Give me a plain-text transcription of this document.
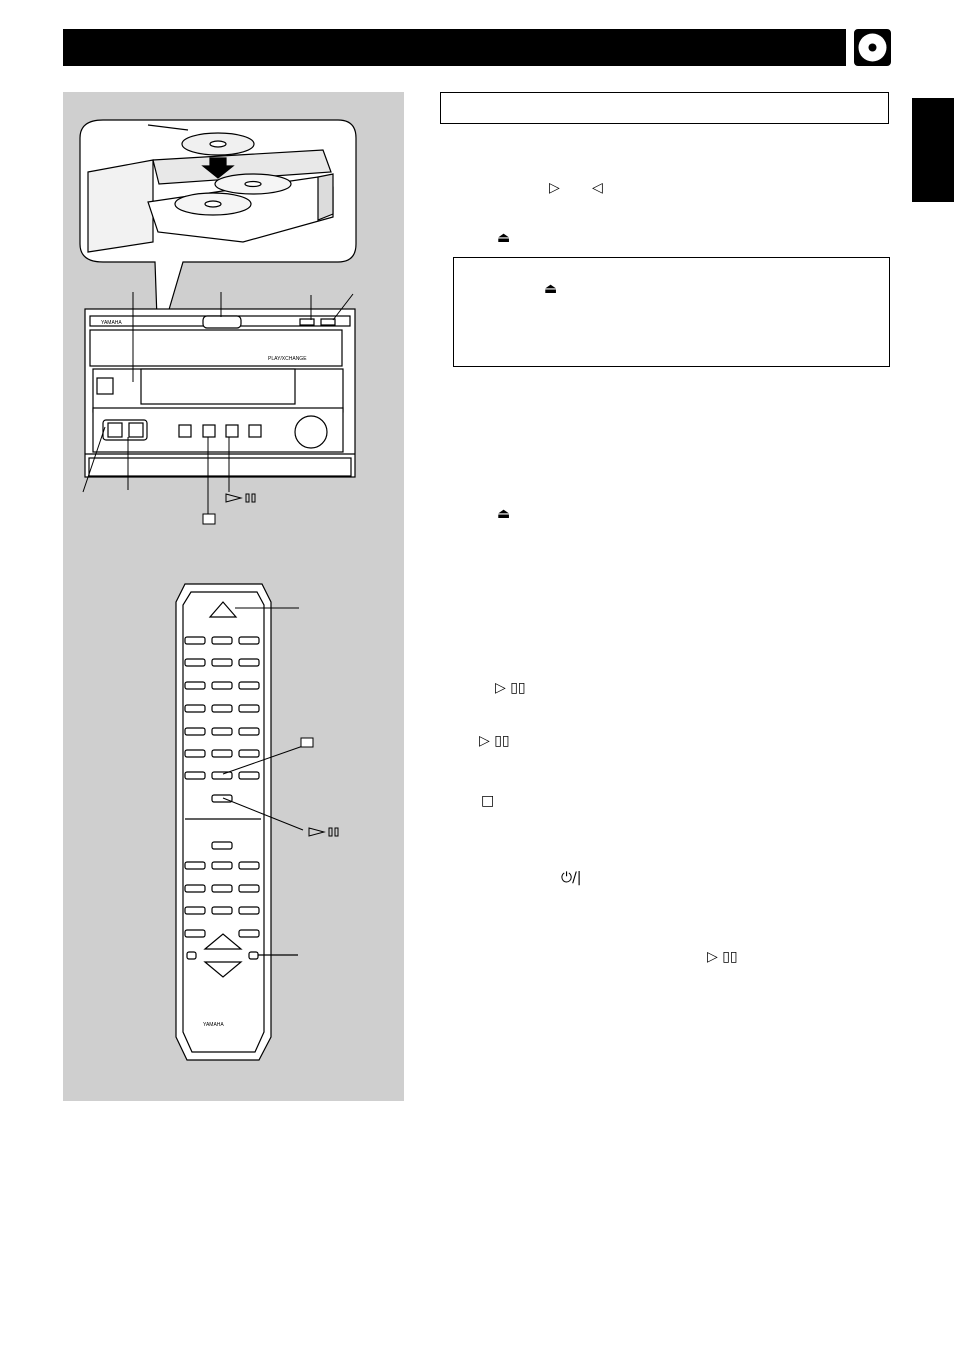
YAMAHA
PLAY/XCHANGE
YAMAHA
▷ ◁
⏏
⏏
⏏
▷ ▯▯
▷ ▯▯
□
⏻/|
▷ ▯▯
